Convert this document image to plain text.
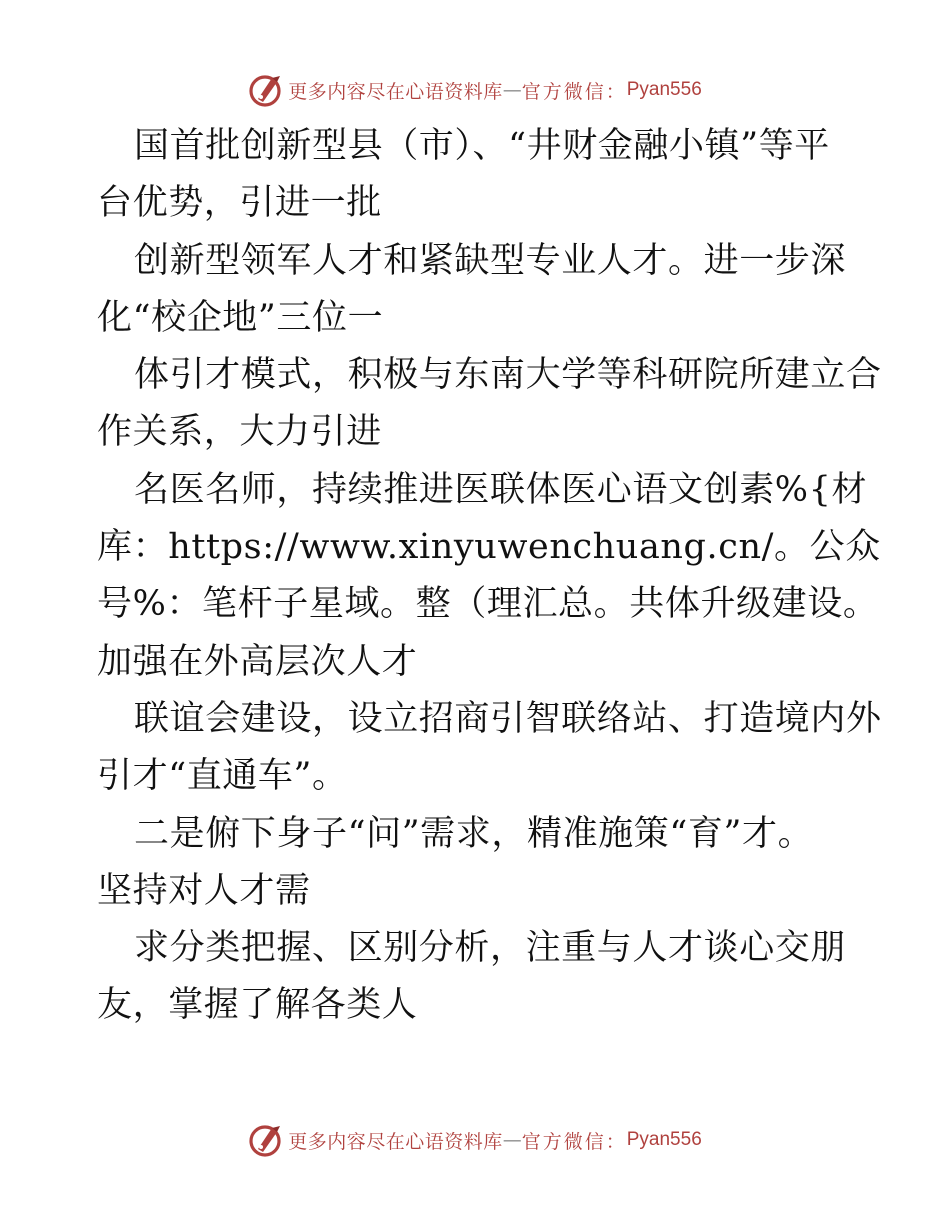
更多内容尽在心语资料库 — 官方微信： Pyan556
国首批创新型县（市）、“井财金融小镇”等平
台优势，引进一批
创新型领军人才和紧缺型专业人才。进一步深
化“校企地”三位一
体引才模式，积极与东南大学等科研院所建立合
作关系，大力引进
名医名师，持续推进医联体医心语文创素%{材
库：https://www.xinyuwenchuang.cn/。公众
号%：笔杆子星域。整（理汇总。共体升级建设。
加强在外高层次人才
联谊会建设，设立招商引智联络站、打造境内外
引才“直通车”。
二是俯下身子“问”需求，精准施策“育”才。
坚持对人才需
求分类把握、区别分析，注重与人才谈心交朋
友，掌握了解各类人
更多内容尽在心语资料库 — 官方微信： Pyan556
